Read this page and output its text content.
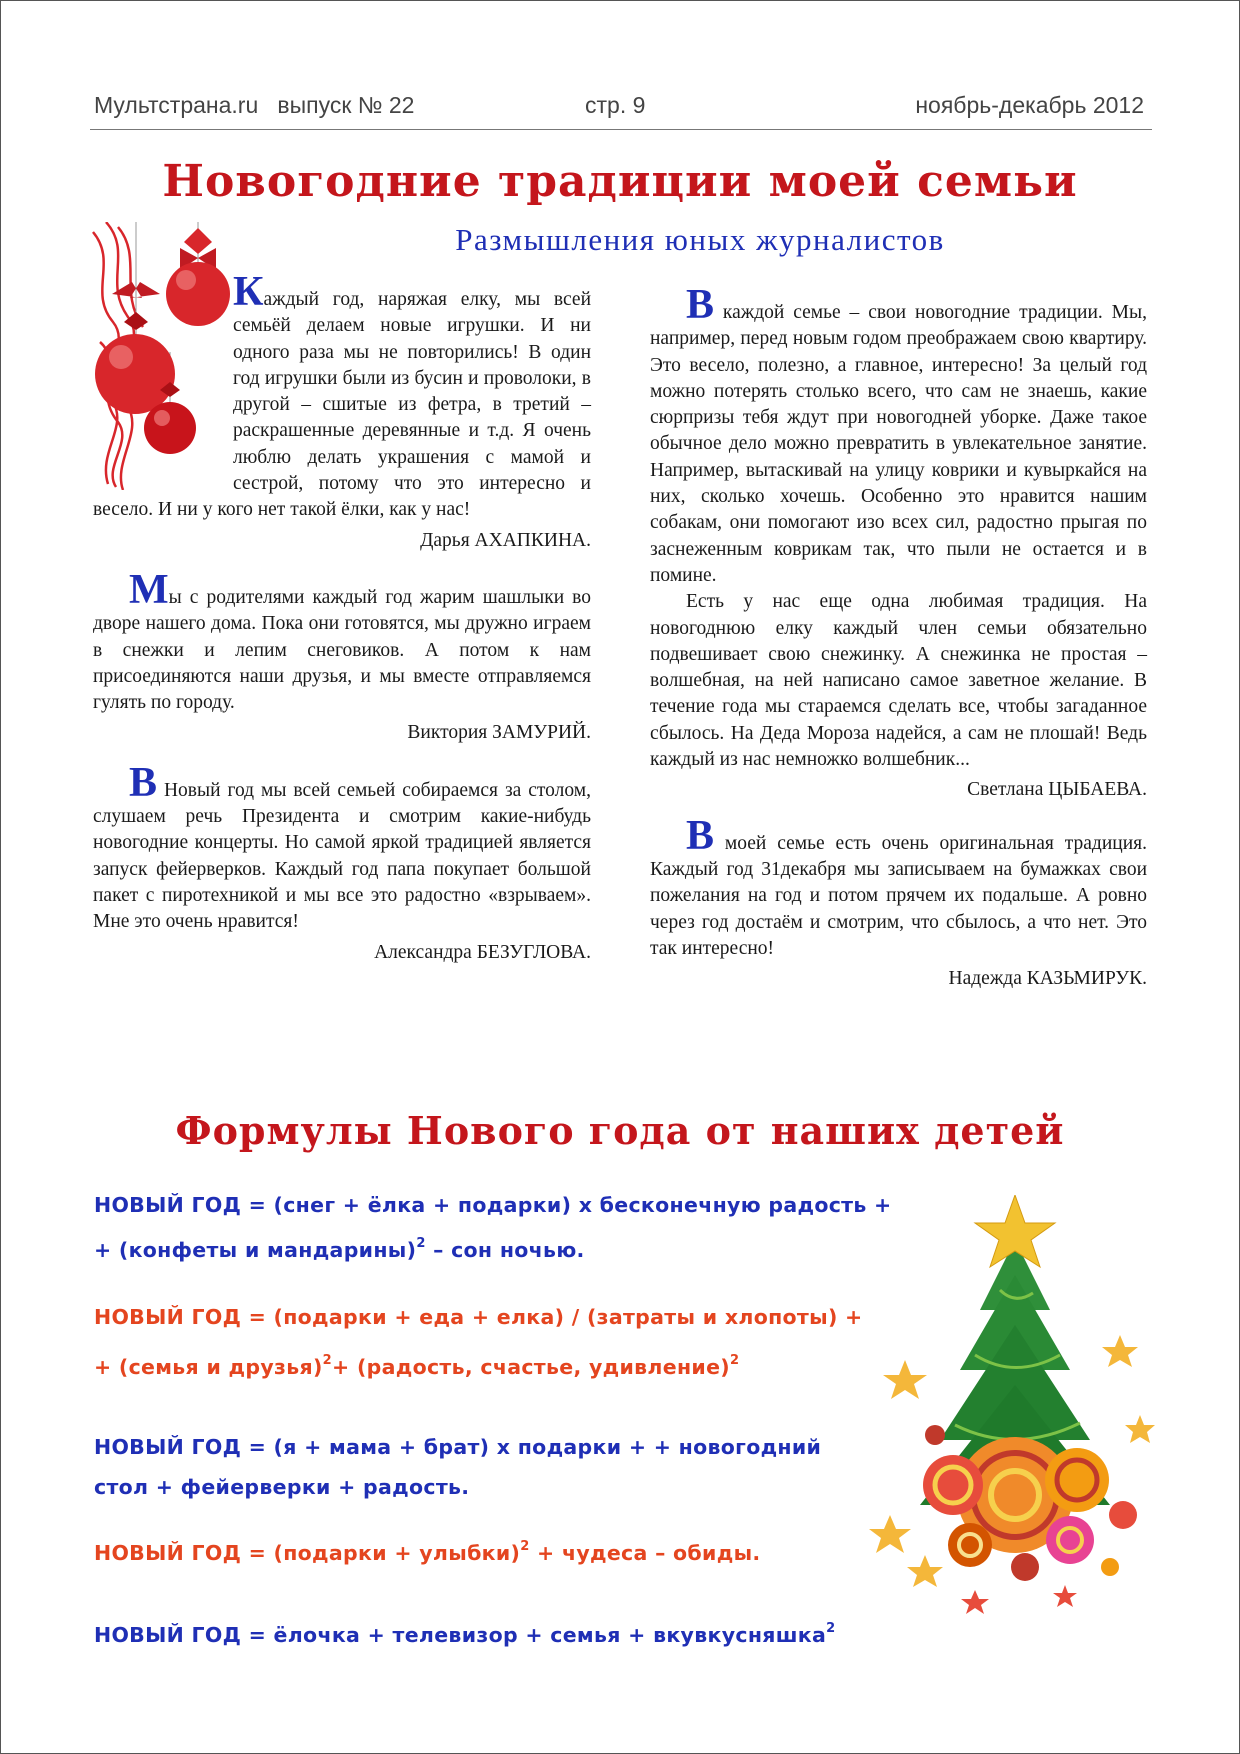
Мультстрана.ru   выпуск № 22	стр. 9	ноябрь-декабрь 2012
Новогодние традиции моей семьи
Размышления юных журналистов

Каждый год, наряжая елку, мы всей семьёй делаем новые игрушки. И ни одного раза мы не повторились! В один год игрушки были из бусин и проволоки, в другой – сшитые из фетра, в третий – раскрашенные деревянные и т.д. Я очень люблю делать украшения с мамой и сестрой, потому что это интересно и весело. И ни у кого нет такой ёлки, как у нас!

Дарья АХАПКИНА.

Мы с родителями каждый год жарим шашлыки во дворе нашего дома. Пока они готовятся, мы дружно играем в снежки и лепим снеговиков. А потом к нам присоединяются наши друзья, и мы вместе отправляемся гулять по городу.

Виктория ЗАМУРИЙ.

В Новый год мы всей семьей собираемся за столом, слушаем речь Президента и смотрим какие-нибудь новогодние концерты. Но самой яркой традицией является запуск фейерверков. Каждый год папа покупает большой пакет с пиротехникой и мы все это радостно «взрываем». Мне это очень нравится!

Александра БЕЗУГЛОВА.

В каждой семье – свои новогодние традиции. Мы, например, перед новым годом преображаем свою квартиру. Это весело, полезно, а главное, интересно! За целый год можно потерять столько всего, что сам не знаешь, какие сюрпризы тебя ждут при новогодней уборке. Даже такое обычное дело можно превратить в увлекательное занятие. Например, вытаскивай на улицу коврики и кувыркайся на них, сколько хочешь. Особенно это нравится нашим собакам, они помогают изо всех сил, радостно прыгая по заснеженным коврикам так, что пыли не остается и в помине.

Есть у нас еще одна любимая традиция. На новогоднюю елку каждый член семьи обязательно подвешивает свою снежинку. А снежинка не простая – волшебная, на ней написано самое заветное желание. В течение года мы стараемся сделать все, чтобы загаданное сбылось. На Деда Мороза надейся, а сам не плошай! Ведь каждый из нас немножко волшебник...

Светлана ЦЫБАЕВА.

В моей семье есть очень оригинальная традиция. Каждый год 31декабря мы записываем на бумажках свои пожелания на год и потом прячем их подальше. А ровно через год достаём и смотрим, что сбылось, а что нет. Это так интересно!

Надежда КАЗЬМИРУК.

Формулы Нового года от наших детей
НОВЫЙ ГОД = (снег + ёлка + подарки) х бесконечную радость +
+ (конфеты и мандарины)$^2$ – сон ночью.
НОВЫЙ ГОД = (подарки + еда + елка) / (затраты и хлопоты) +
+ (семья и друзья)$^2$+ (радость, счастье, удивление)$^2$
НОВЫЙ ГОД = (я + мама + брат) х подарки + + новогодний
стол + фейерверки + радость.
НОВЫЙ ГОД = (подарки + улыбки)$^2$ + чудеса – обиды.
НОВЫЙ ГОД = ёлочка + телевизор + семья + вкувкусняшка$^2$
